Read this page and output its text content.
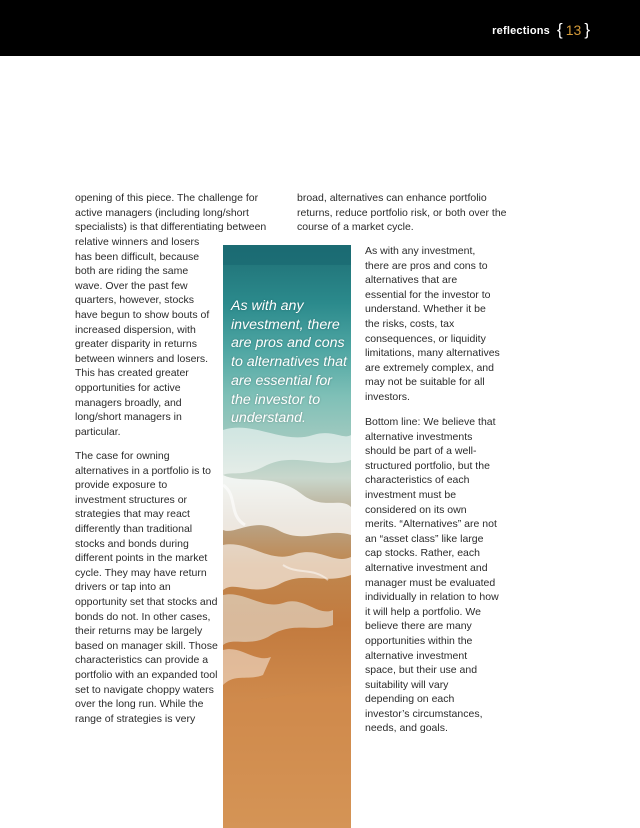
reflections { 13 }

opening of this piece. The challenge for active managers (including long/short specialists) is that differentiating between

relative winners and losers has been difficult, because both are riding the same wave. Over the past few quarters, however, stocks have begun to show bouts of increased dispersion, with greater disparity in returns between winners and losers. This has created greater opportunities for active managers broadly, and long/short managers in particular.

The case for owning alternatives in a portfolio is to provide exposure to investment structures or strategies that may react differently than traditional stocks and bonds during different points in the market cycle. They may have return drivers or tap into an opportunity set that stocks and bonds do not. In other cases, their returns may be largely based on manager skill. Those characteristics can provide a portfolio with an expanded tool set to navigate choppy waters over the long run. While the range of strategies is very

broad, alternatives can enhance portfolio returns, reduce portfolio risk, or both over the course of a market cycle.

As with any investment, there are pros and cons to alternatives that are essential for the investor to understand. Whether it be the risks, costs, tax consequences, or liquidity limitations, many alternatives are extremely complex, and may not be suitable for all investors.

Bottom line: We believe that alternative investments should be part of a well-structured portfolio, but the characteristics of each investment must be considered on its own merits. “Alternatives” are not an “asset class” like large cap stocks. Rather, each alternative investment and manager must be evaluated individually in relation to how it will help a portfolio. We believe there are many opportunities within the alternative investment space, but their use and suitability will vary depending on each investor’s circumstances, needs, and goals.

As with any investment, there are pros and cons to alternatives that are essential for the investor to understand.
